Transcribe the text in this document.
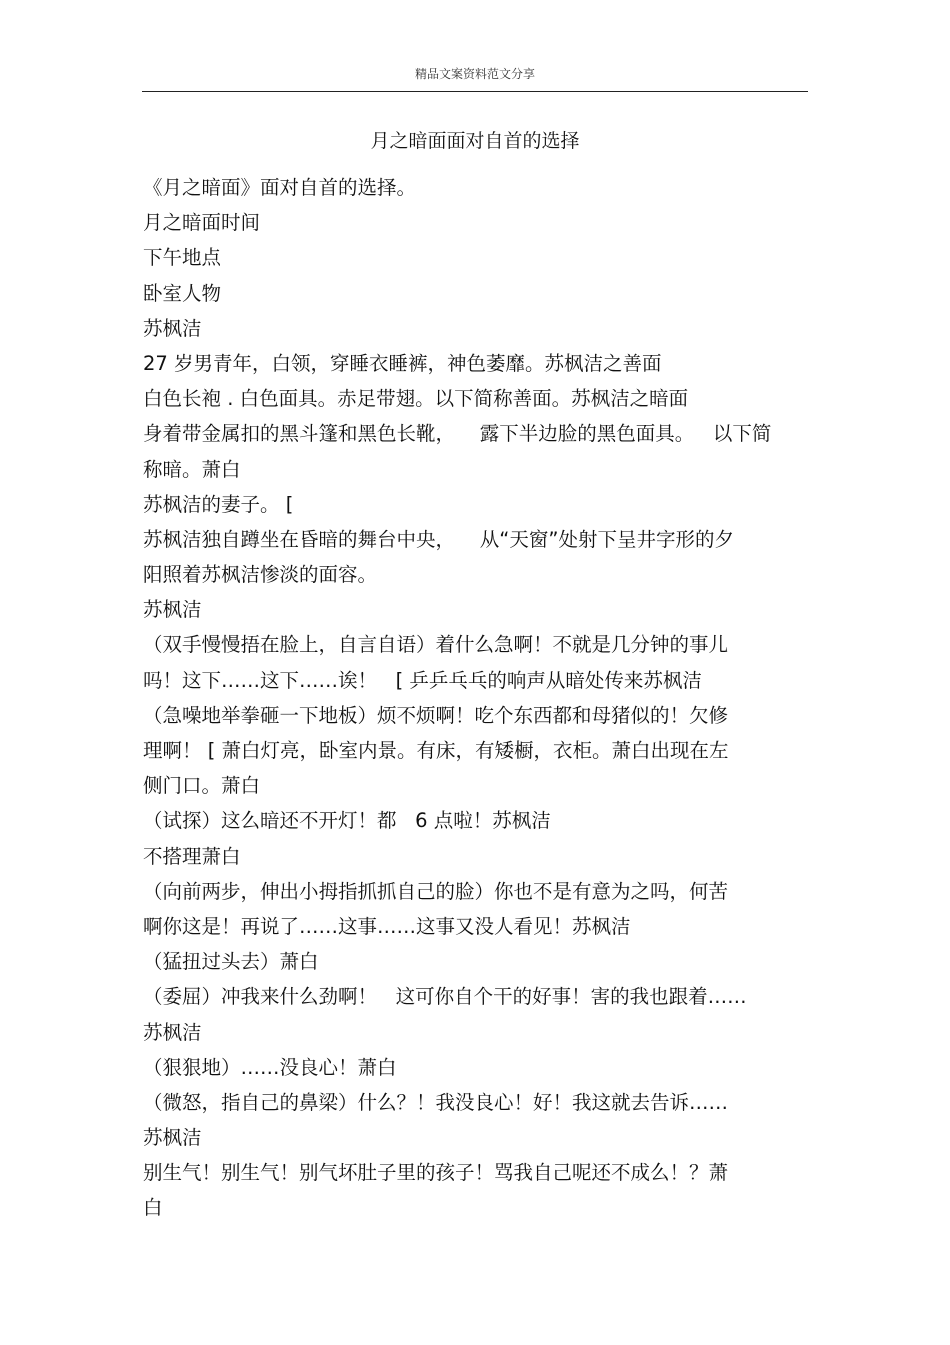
精品文案资料范文分享
月之暗面面对自首的选择
《月之暗面》面对自首的选择。
月之暗面时间
下午地点
卧室人物
苏枫洁
27 岁男青年，白领，穿睡衣睡裤，神色萎靡。苏枫洁之善面
白色长袍 . 白色面具。赤足带翅。以下简称善面。苏枫洁之暗面
身着带金属扣的黑斗篷和黑色长靴，    露下半边脸的黑色面具。   以下简
称暗。萧白
苏枫洁的妻子。 [
苏枫洁独自蹲坐在昏暗的舞台中央，    从“天窗”处射下呈井字形的夕
阳照着苏枫洁惨淡的面容。
苏枫洁
（双手慢慢捂在脸上，自言自语）着什么急啊！不就是几分钟的事儿
吗！这下……这下……诶！   [ 乒乒乓乓的响声从暗处传来苏枫洁
（急噪地举拳砸一下地板）烦不烦啊！吃个东西都和母猪似的！欠修
理啊！ [ 萧白灯亮，卧室内景。有床，有矮橱，衣柜。萧白出现在左
侧门口。萧白
（试探）这么暗还不开灯！都   6 点啦！苏枫洁
不搭理萧白
（向前两步，伸出小拇指抓抓自己的脸）你也不是有意为之吗，何苦
啊你这是！再说了……这事……这事又没人看见！苏枫洁
（猛扭过头去）萧白
（委屈）冲我来什么劲啊！   这可你自个干的好事！害的我也跟着……
苏枫洁
（狠狠地）……没良心！萧白
（微怒，指自己的鼻梁）什么？！我没良心！好！我这就去告诉……
苏枫洁
别生气！别生气！别气坏肚子里的孩子！骂我自己呢还不成么！？萧
白
